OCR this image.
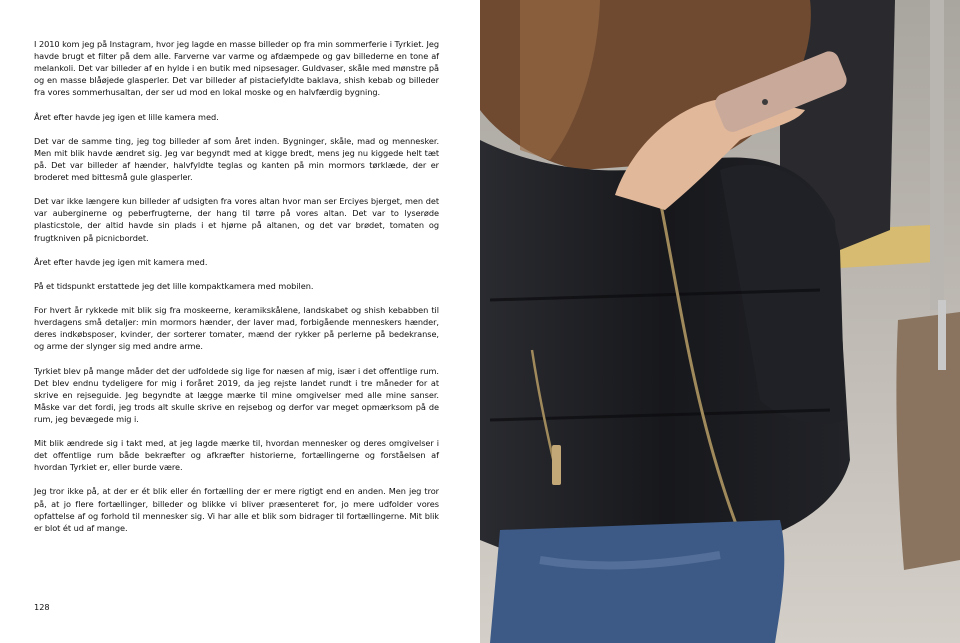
I 2010 kom jeg på Instagram, hvor jeg lagde en masse billeder op fra min sommerferie i Tyrkiet. Jeg havde brugt et filter på dem alle. Farverne var varme og afdæmpede og gav billederne en tone af melankoli. Det var billeder af en hylde i en butik med nipsesager. Guldvaser, skåle med mønstre på og en masse blåøjede glasperler. Det var billeder af pistaciefyldte baklava, shish kebab og billeder fra vores sommerhusaltan, der ser ud mod en lokal moske og en halvfærdig bygning.

Året efter havde jeg igen et lille kamera med.

Det var de samme ting, jeg tog billeder af som året inden. Bygninger, skåle, mad og mennesker. Men mit blik havde ændret sig. Jeg var begyndt med at kigge bredt, mens jeg nu kiggede helt tæt på. Det var billeder af hænder, halvfyldte teglas og kanten på min mormors tørklæde, der er broderet med bittesmå gule glasperler.

Det var ikke længere kun billeder af udsigten fra vores altan hvor man ser Erciyes bjerget, men det var auberginerne og peberfrugterne, der hang til tørre på vores altan. Det var to lyserøde plasticstole, der altid havde sin plads i et hjørne på altanen, og det var brødet, tomaten og frugtkniven på picnicbordet.

Året efter havde jeg igen mit kamera med.

På et tidspunkt erstattede jeg det lille kompaktkamera med mobilen.

For hvert år rykkede mit blik sig fra moskeerne, keramikskålene, landskabet og shish kebabben til hverdagens små detaljer: min mormors hænder, der laver mad, forbigående menneskers hænder, deres indkøbsposer, kvinder, der sorterer tomater, mænd der rykker på perlerne på bedekranse, og arme der slynger sig med andre arme.

Tyrkiet blev på mange måder det der udfoldede sig lige for næsen af mig, især i det offentlige rum. Det blev endnu tydeligere for mig i foråret 2019, da jeg rejste landet rundt i tre måneder for at skrive en rejseguide. Jeg begyndte at lægge mærke til mine omgivelser med alle mine sanser. Måske var det fordi, jeg trods alt skulle skrive en rejsebog og derfor var meget opmærksom på de rum, jeg bevægede mig i.

Mit blik ændrede sig i takt med, at jeg lagde mærke til, hvordan mennesker og deres omgivelser i det offentlige rum både bekræfter og afkræfter historierne, fortællingerne og forståelsen af hvordan Tyrkiet er, eller burde være.

Jeg tror ikke på, at der er ét blik eller én fortælling der er mere rigtigt end en anden. Men jeg tror på, at jo flere fortællinger, billeder og blikke vi bliver præsenteret for, jo mere udfolder vores opfattelse af og forhold til mennesker sig. Vi har alle et blik som bidrager til fortællingerne. Mit blik er blot ét ud af mange.

128
